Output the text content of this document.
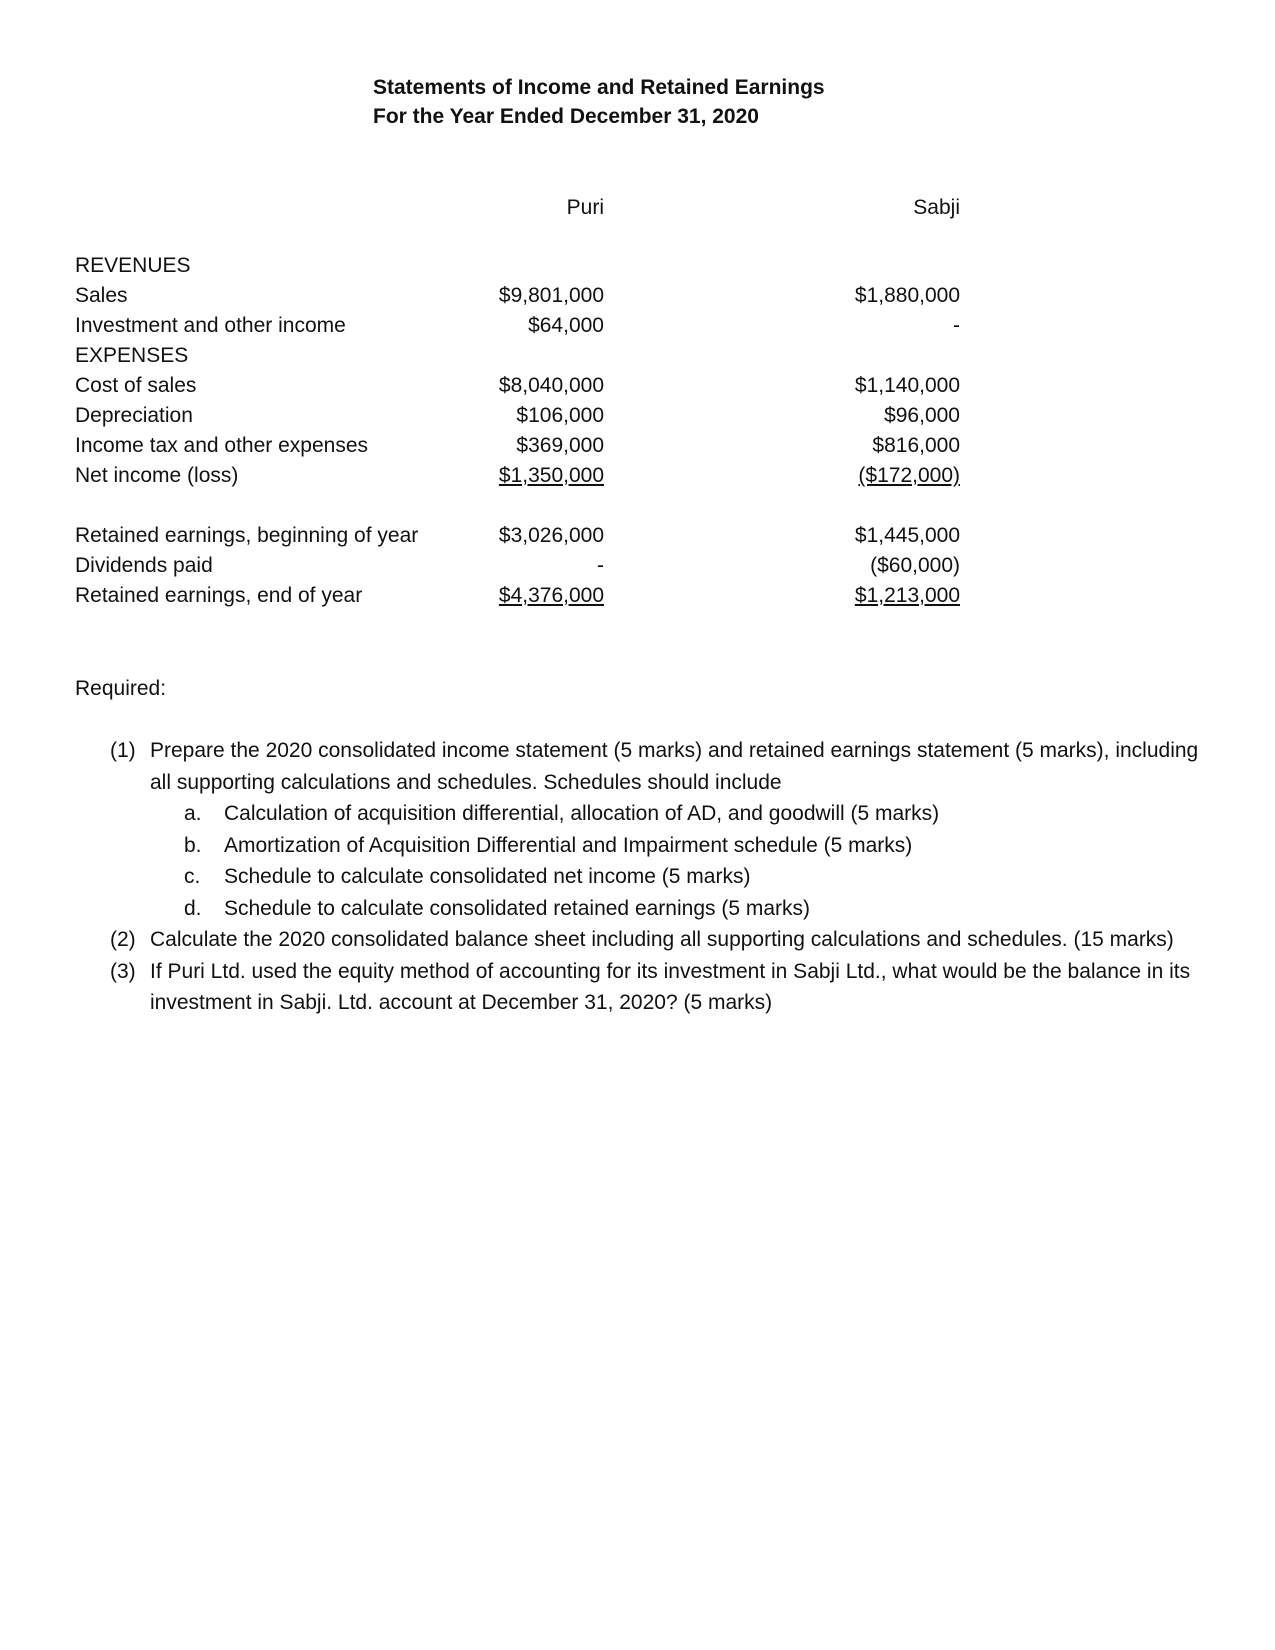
Statements of Income and Retained Earnings
For the Year Ended December 31, 2020
Puri	Sabji
REVENUES
Sales	$9,801,000	$1,880,000
Investment and other income	$64,000	-
EXPENSES
Cost of sales	$8,040,000	$1,140,000
Depreciation	$106,000	$96,000
Income tax and other expenses	$369,000	$816,000
Net income (loss)	$1,350,000	($172,000)
Retained earnings, beginning of year	$3,026,000	$1,445,000
Dividends paid	-	($60,000)
Retained earnings, end of year	$4,376,000	$1,213,000
Required:
(1) Prepare the 2020 consolidated income statement (5 marks) and retained earnings statement (5 marks), including all supporting calculations and schedules. Schedules should include
a.	Calculation of acquisition differential, allocation of AD, and goodwill (5 marks)
b.	Amortization of Acquisition Differential and Impairment schedule (5 marks)
c.	Schedule to calculate consolidated net income (5 marks)
d.	Schedule to calculate consolidated retained earnings (5 marks)
(2) Calculate the 2020 consolidated balance sheet including all supporting calculations and schedules. (15 marks)
(3) If Puri Ltd. used the equity method of accounting for its investment in Sabji Ltd., what would be the balance in its investment in Sabji. Ltd. account at December 31, 2020? (5 marks)
